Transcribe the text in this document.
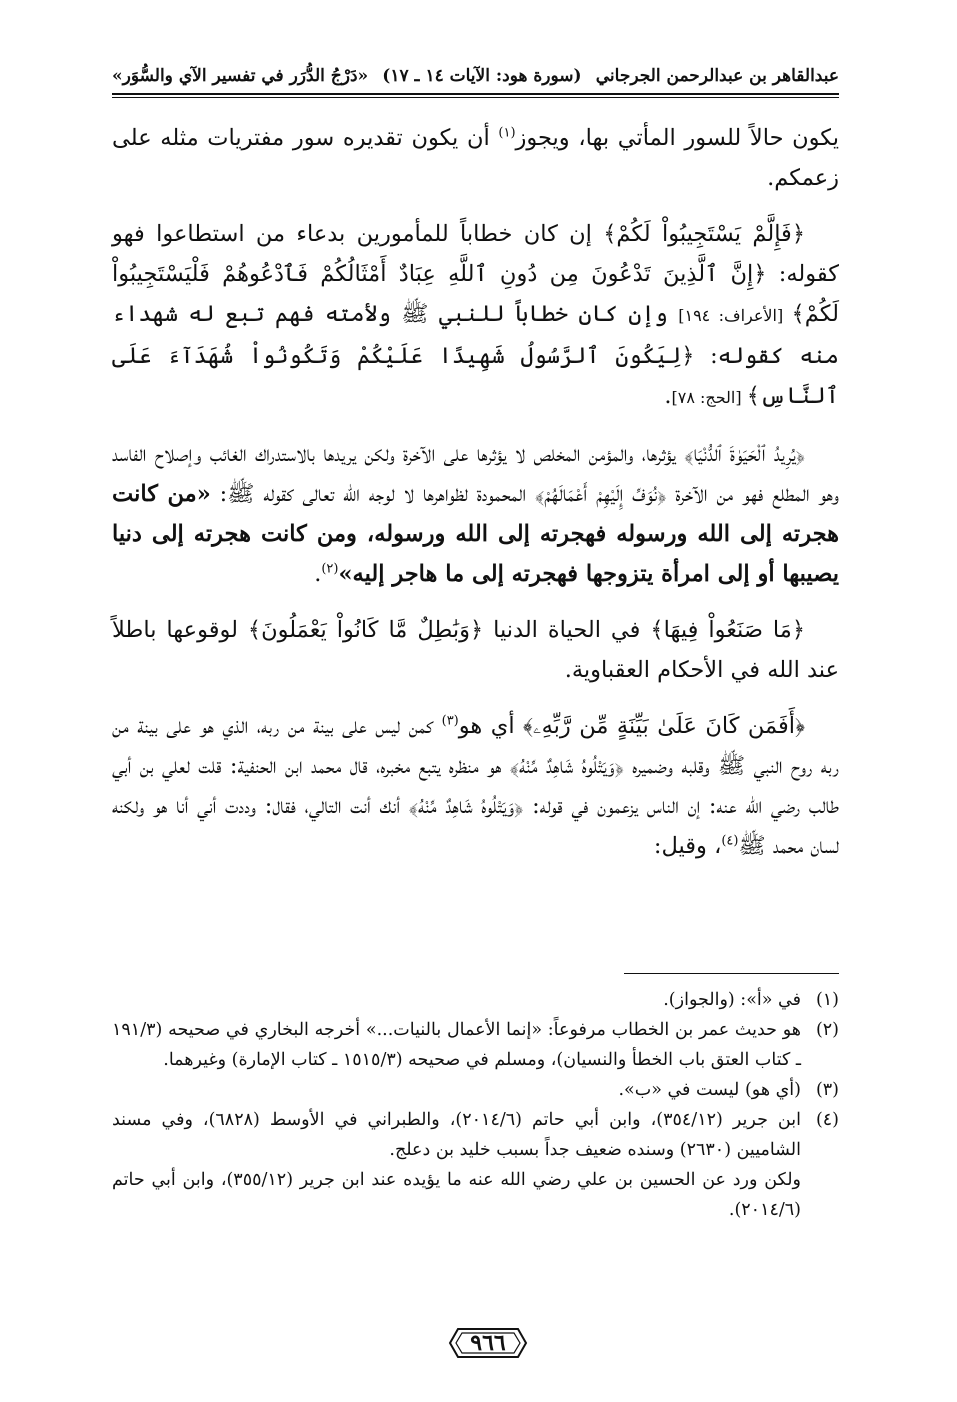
عبدالقاهر بن عبدالرحمن الجرجاني
(سورة هود: الآيات ١٤ ـ ١٧)
«دَرْجُ الدُّرَر في تفسير الآي والسُّوَر»

يكون حالاً للسور المأتي بها، ويجوز$^{(١)}$ أن يكون تقديره سور مفتريات مثله على زعمكم.

﴿فَإِلَّمْ يَسْتَجِيبُواْ لَكُمْ﴾ إن كان خطاباً للمأمورين بدعاء من استطاعوا فهو كقوله: ﴿إِنَّ ٱلَّذِينَ تَدْعُونَ مِن دُونِ ٱللَّهِ عِبَادٌ أَمْثَالُكُمْ فَٱدْعُوهُمْ فَلْيَسْتَجِيبُواْ لَكُمْ﴾ [الأعراف: ١٩٤] وإن كان خطاباً للنبي ﷺ ولأمته فهم تبع له شهداء منه كقوله: ﴿لِيَكُونَ ٱلرَّسُولُ شَهِيدًا عَلَيْكُمْ وَتَكُونُواْ شُهَدَآءَ عَلَى ٱلنَّاسِ﴾ [الحج: ٧٨].

﴿يُرِيدُ ٱلْحَيَوٰةَ ٱلدُّنْيَا﴾ يؤثرها، والمؤمن المخلص لا يؤثرها على الآخرة ولكن يريدها بالاستدراك الغائب وإصلاح الفاسد وهو المطلع فهو من الآخرة ﴿نُوَفِّ إِلَيْهِمْ أَعْمَالَهُمْ﴾ المحمودة لظواهرها لا لوجه الله تعالى كقوله ﷺ: «من كانت هجرته إلى الله ورسوله فهجرته إلى الله ورسوله، ومن كانت هجرته إلى دنيا يصيبها أو إلى امرأة يتزوجها فهجرته إلى ما هاجر إليه»$^{(٢)}$.

﴿مَا صَنَعُواْ فِيهَا﴾ في الحياة الدنيا ﴿وَبَٰطِلٌ مَّا كَانُواْ يَعْمَلُونَ﴾ لوقوعها باطلاً عند الله في الأحكام العقباوية.

﴿أَفَمَن كَانَ عَلَىٰ بَيِّنَةٍ مِّن رَّبِّهِۦ﴾ أي هو$^{(٣)}$ كمن ليس على بينة من ربه، الذي هو على بينة من ربه روح النبي ﷺ وقلبه وضميره ﴿وَيَتْلُوهُ شَاهِدٌ مِّنْهُ﴾ هو منظره يتبع مخبره، قال محمد ابن الحنفية: قلت لعلي بن أبي طالب رضي الله عنه: إن الناس يزعمون في قوله: ﴿وَيَتْلُوهُ شَاهِدٌ مِّنْهُ﴾ أنك أنت التالي، فقال: وددت أني أنا هو ولكنه لسان محمد ﷺ$^{(٤)}$، وقيل:

(١)
في «أ»: (والجواز).
(٢)
هو حديث عمر بن الخطاب مرفوعاً: «إنما الأعمال بالنيات...» أخرجه البخاري في صحيحه (١٩١/٣ ـ كتاب العتق باب الخطأ والنسيان)، ومسلم في صحيحه (١٥١٥/٣ ـ كتاب الإمارة) وغيرهما.
(٣)
(أي هو) ليست في «ب».
(٤)
ابن جرير (٣٥٤/١٢)، وابن أبي حاتم (٢٠١٤/٦)، والطبراني في الأوسط (٦٨٢٨)، وفي مسند الشاميين (٢٦٣٠) وسنده ضعيف جداً بسبب خليد بن دعلج.
ولكن ورد عن الحسين بن علي رضي الله عنه ما يؤيده عند ابن جرير (٣٥٥/١٢)، وابن أبي حاتم (٢٠١٤/٦).
٩٦٦
